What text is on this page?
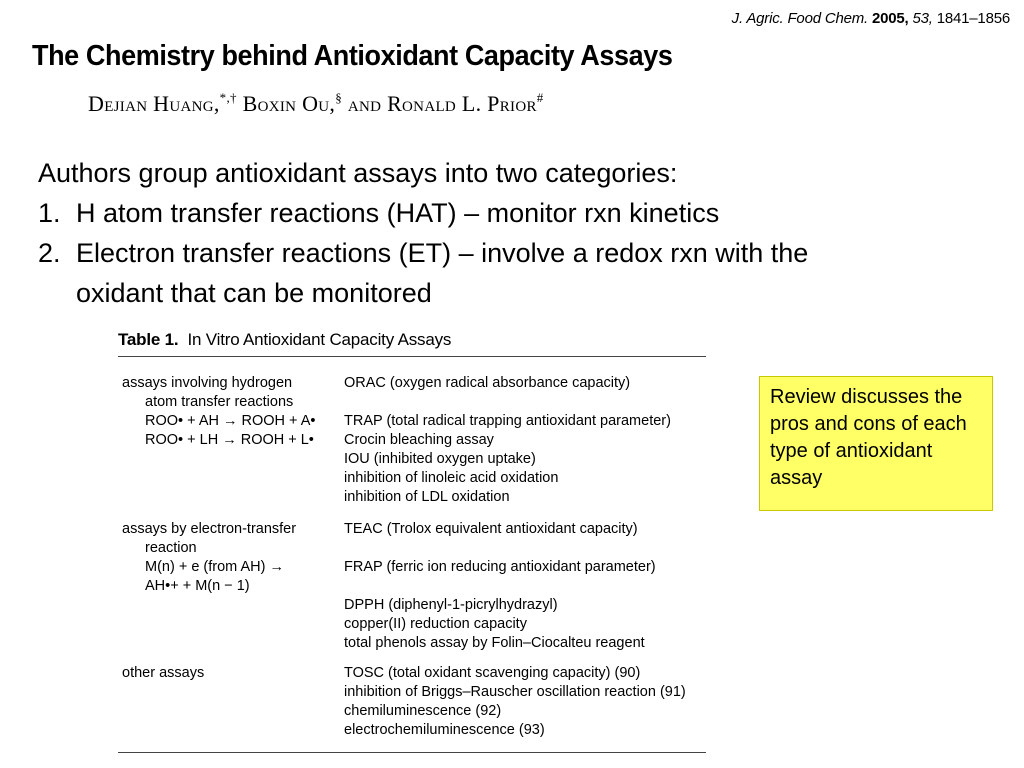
J. Agric. Food Chem. 2005, 53, 1841–1856
The Chemistry behind Antioxidant Capacity Assays
Dejian Huang,*,† Boxin Ou,§ and Ronald L. Prior#
Authors group antioxidant assays into two categories:
1. H atom transfer reactions (HAT) – monitor rxn kinetics
2. Electron transfer reactions (ET) – involve a redox rxn with the
oxidant that can be monitored
Table 1. In Vitro Antioxidant Capacity Assays
assays involving hydrogen
atom transfer reactions
ROO• + AH → ROOH + A•
ROO• + LH → ROOH + L•
ORAC (oxygen radical absorbance capacity)

TRAP (total radical trapping antioxidant parameter)
Crocin bleaching assay
IOU (inhibited oxygen uptake)
inhibition of linoleic acid oxidation
inhibition of LDL oxidation
assays by electron-transfer
reaction
M(n) + e (from AH) →
AH•+ + M(n − 1)
TEAC (Trolox equivalent antioxidant capacity)

FRAP (ferric ion reducing antioxidant parameter)

DPPH (diphenyl-1-picrylhydrazyl)
copper(II) reduction capacity
total phenols assay by Folin–Ciocalteu reagent
other assays	TOSC (total oxidant scavenging capacity) (90)
inhibition of Briggs–Rauscher oscillation reaction (91)
chemiluminescence (92)
electrochemiluminescence (93)
Review discusses the pros and cons of each type of antioxidant assay
